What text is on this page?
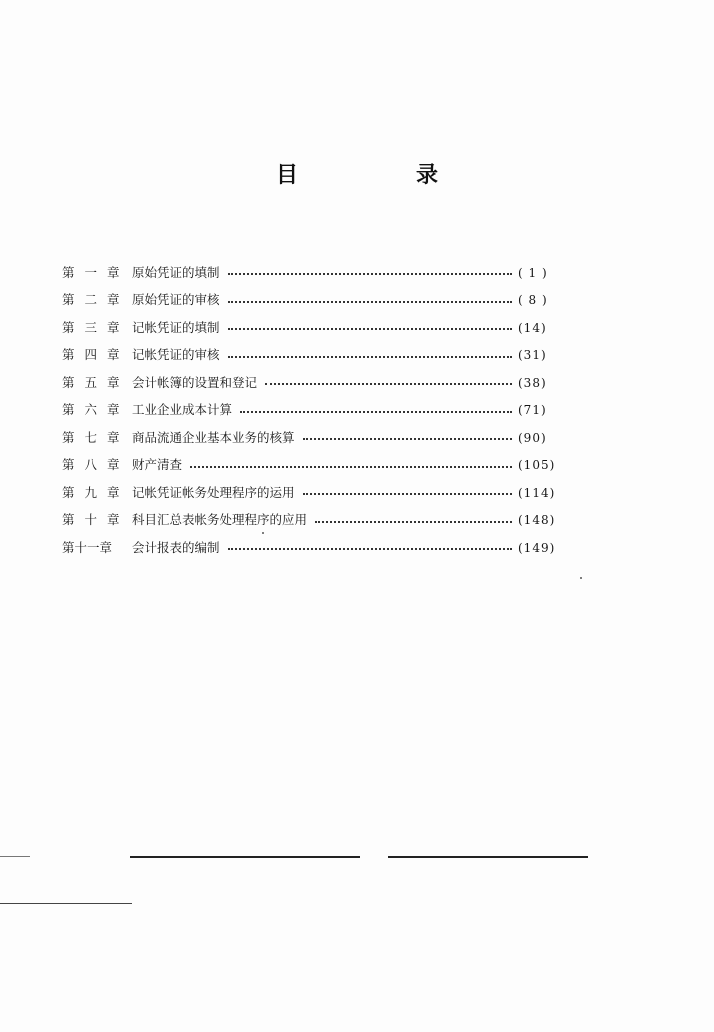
目　录
第 一 章 原始凭证的填制	( 1 )
第 二 章 原始凭证的审核	( 8 )
第 三 章 记帐凭证的填制	(14)
第 四 章 记帐凭证的审核	(31)
第 五 章 会计帐簿的设置和登记	(38)
第 六 章 工业企业成本计算	(71)
第 七 章 商品流通企业基本业务的核算	(90)
第 八 章 财产清查	(105)
第 九 章 记帐凭证帐务处理程序的运用	(114)
第 十 章 科目汇总表帐务处理程序的应用	(148)
第十一章	会计报表的编制	(149)
